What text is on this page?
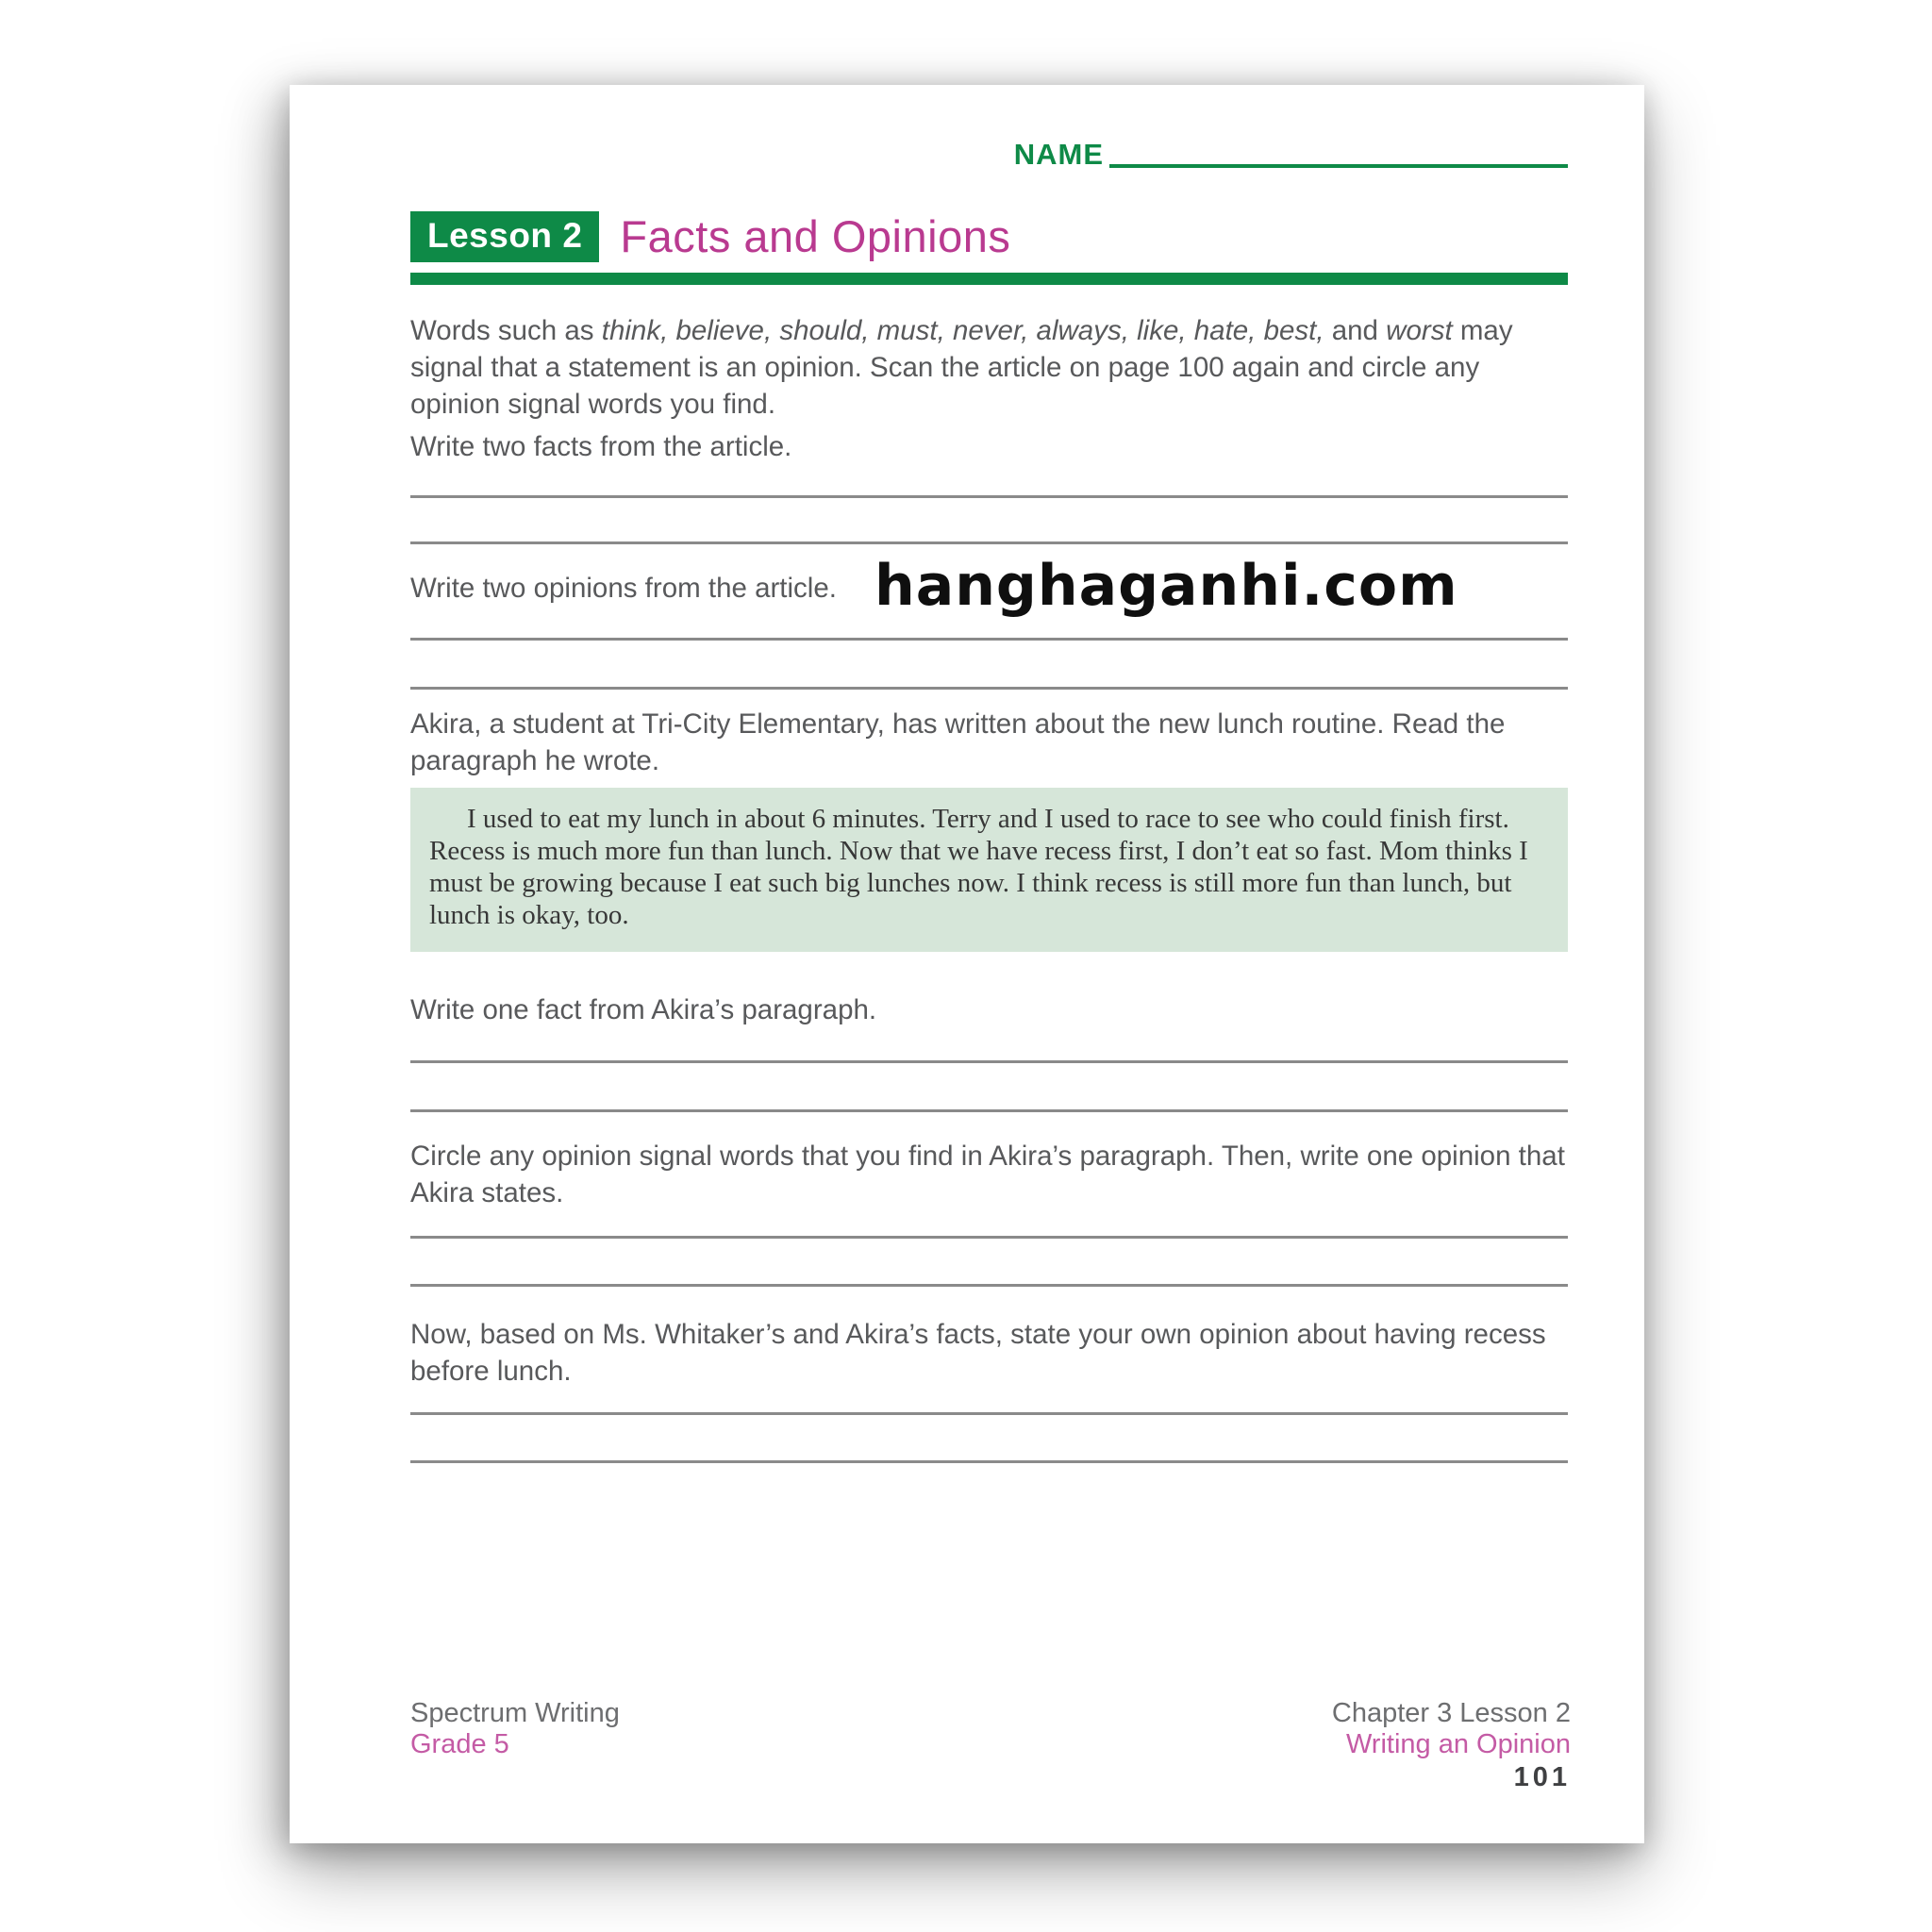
hanghaganhi.com
NAME
Lesson 2 Facts and Opinions

Words such as think, believe, should, must, never, always, like, hate, best, and worst may signal that a statement is an opinion. Scan the article on page 100 again and circle any opinion signal words you find.

Write two facts from the article.

Write two opinions from the article.

Akira, a student at Tri-City Elementary, has written about the new lunch routine. Read the paragraph he wrote.

I used to eat my lunch in about 6 minutes. Terry and I used to race to see who could finish first. Recess is much more fun than lunch. Now that we have recess first, I don’t eat so fast. Mom thinks I must be growing because I eat such big lunches now. I think recess is still more fun than lunch, but lunch is okay, too.

Write one fact from Akira’s paragraph.

Circle any opinion signal words that you find in Akira’s paragraph. Then, write one opinion that Akira states.

Now, based on Ms. Whitaker’s and Akira’s facts, state your own opinion about having recess before lunch.

Spectrum Writing
Grade 5
Chapter 3 Lesson 2
Writing an Opinion
101
